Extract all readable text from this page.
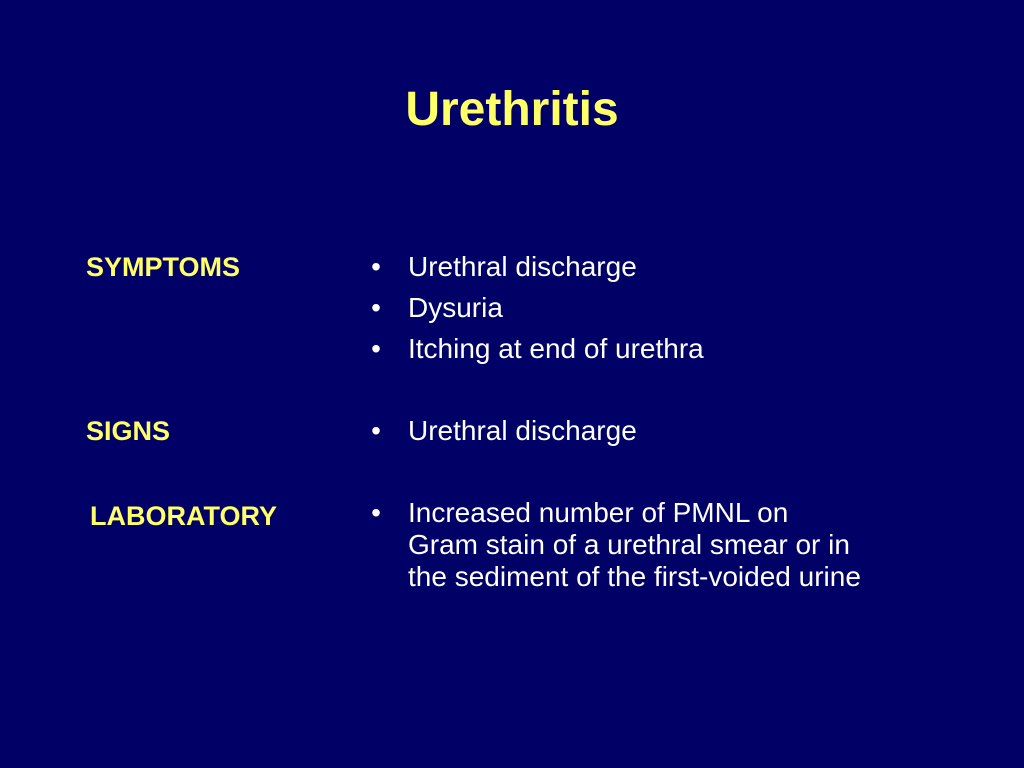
Urethritis
SYMPTOMS	• Urethral discharge
• Dysuria
• Itching at end of urethra
SIGNS	• Urethral discharge
LABORATORY	• Increased number of PMNL on
Gram stain of a urethral smear or in
the sediment of the first-voided urine
